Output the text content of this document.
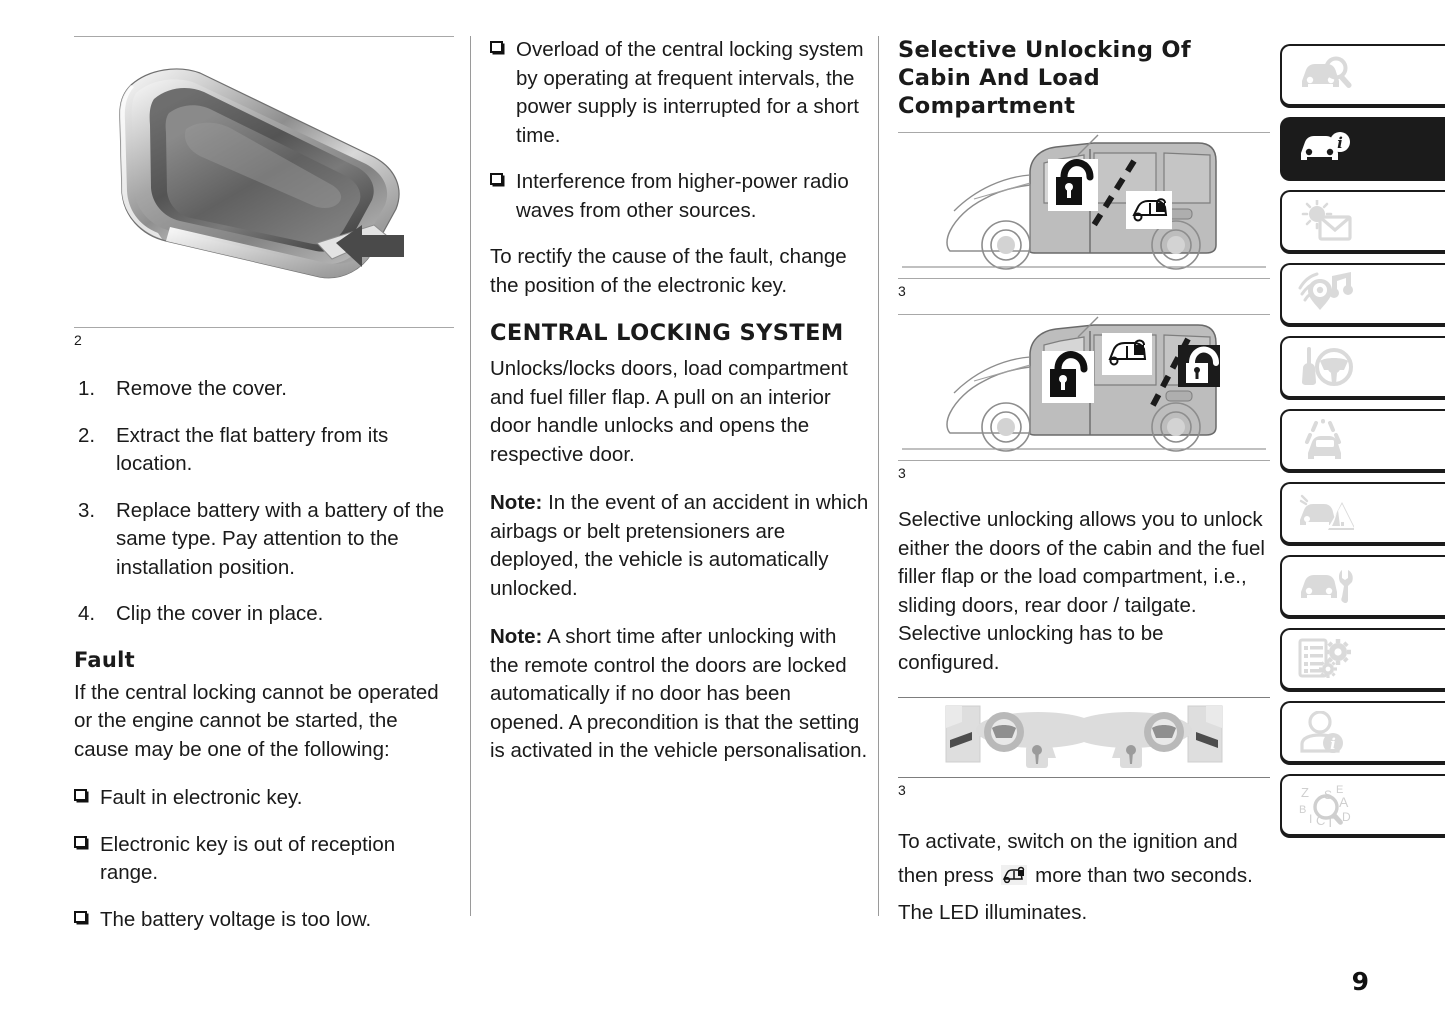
2
1. Remove the cover.
2. Extract the flat battery from its location.
3. Replace battery with a battery of the same type. Pay attention to the installation position.
4. Clip the cover in place.
Fault

If the central locking cannot be operated or the engine cannot be started, the cause may be one of the following:

Fault in electronic key.
Electronic key is out of reception range.
The battery voltage is too low.
Overload of the central locking system by operating at frequent intervals, the power supply is interrupted for a short time.
Interference from higher-power radio waves from other sources.

To rectify the cause of the fault, change the position of the electronic key.

CENTRAL LOCKING SYSTEM

Unlocks/locks doors, load compartment and fuel filler flap. A pull on an interior door handle unlocks and opens the respective door.

Note: In the event of an accident in which airbags or belt pretensioners are deployed, the vehicle is automatically unlocked.

Note: A short time after unlocking with the remote control the doors are locked automatically if no door has been opened. A precondition is that the setting is activated in the vehicle personalisation.

Selective Unlocking Of Cabin And Load Compartment
3
3

Selective unlocking allows you to unlock either the doors of the cabin and the fuel filler flap or the load compartment, i.e., sliding doors, rear door / tailgate. Selective unlocking has to be configured.

3

To activate, switch on the ignition and then press  more than two seconds. The LED illuminates.

i
i
Z
B
I C T
E
A
D
S
9
